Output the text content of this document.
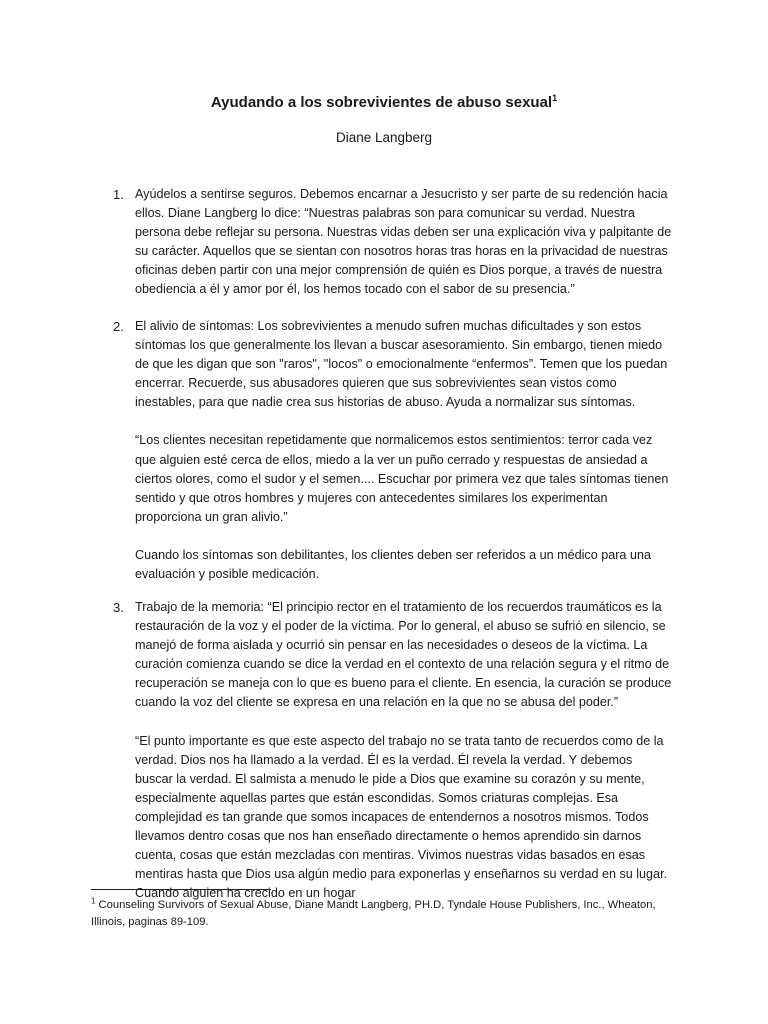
Ayudando a los sobrevivientes de abuso sexual$^1$
Diane Langberg
1. Ayúdelos a sentirse seguros. Debemos encarnar a Jesucristo y ser parte de su redención hacia ellos. Diane Langberg lo dice: “Nuestras palabras son para comunicar su verdad. Nuestra persona debe reflejar su persona. Nuestras vidas deben ser una explicación viva y palpitante de su carácter. Aquellos que se sientan con nosotros horas tras horas en la privacidad de nuestras oficinas deben partir con una mejor comprensión de quién es Dios porque, a través de nuestra obediencia a él y amor por él, los hemos tocado con el sabor de su presencia.”

2. El alivio de síntomas: Los sobrevivientes a menudo sufren muchas dificultades y son estos síntomas los que generalmente los llevan a buscar asesoramiento. Sin embargo, tienen miedo de que les digan que son "raros", "locos" o emocionalmente “enfermos”. Temen que los puedan encerrar. Recuerde, sus abusadores quieren que sus sobrevivientes sean vistos como inestables, para que nadie crea sus historias de abuso. Ayuda a normalizar sus síntomas.

“Los clientes necesitan repetidamente que normalicemos estos sentimientos: terror cada vez que alguien esté cerca de ellos, miedo a la ver un puño cerrado y respuestas de ansiedad a ciertos olores, como el sudor y el semen.... Escuchar por primera vez que tales síntomas tienen sentido y que otros hombres y mujeres con antecedentes similares los experimentan proporciona un gran alivio.”

Cuando los síntomas son debilitantes, los clientes deben ser referidos a un médico para una evaluación y posible medicación.

3. Trabajo de la memoria: “El principio rector en el tratamiento de los recuerdos traumáticos es la restauración de la voz y el poder de la víctima. Por lo general, el abuso se sufrió en silencio, se manejó de forma aislada y ocurrió sin pensar en las necesidades o deseos de la víctima. La curación comienza cuando se dice la verdad en el contexto de una relación segura y el ritmo de recuperación se maneja con lo que es bueno para el cliente. En esencia, la curación se produce cuando la voz del cliente se expresa en una relación en la que no se abusa del poder.”

“El punto importante es que este aspecto del trabajo no se trata tanto de recuerdos como de la verdad. Dios nos ha llamado a la verdad. Él es la verdad. Él revela la verdad. Y debemos buscar la verdad. El salmista a menudo le pide a Dios que examine su corazón y su mente, especialmente aquellas partes que están escondidas. Somos criaturas complejas. Esa complejidad es tan grande que somos incapaces de entendernos a nosotros mismos. Todos llevamos dentro cosas que nos han enseñado directamente o hemos aprendido sin darnos cuenta, cosas que están mezcladas con mentiras. Vivimos nuestras vidas basados en esas mentiras hasta que Dios usa algún medio para exponerlas y enseñarnos su verdad en su lugar. Cuando alguien ha crecido en un hogar

$^1$ Counseling Survivors of Sexual Abuse, Diane Mandt Langberg, PH.D, Tyndale House Publishers, Inc., Wheaton, Illinois, paginas 89-109.
